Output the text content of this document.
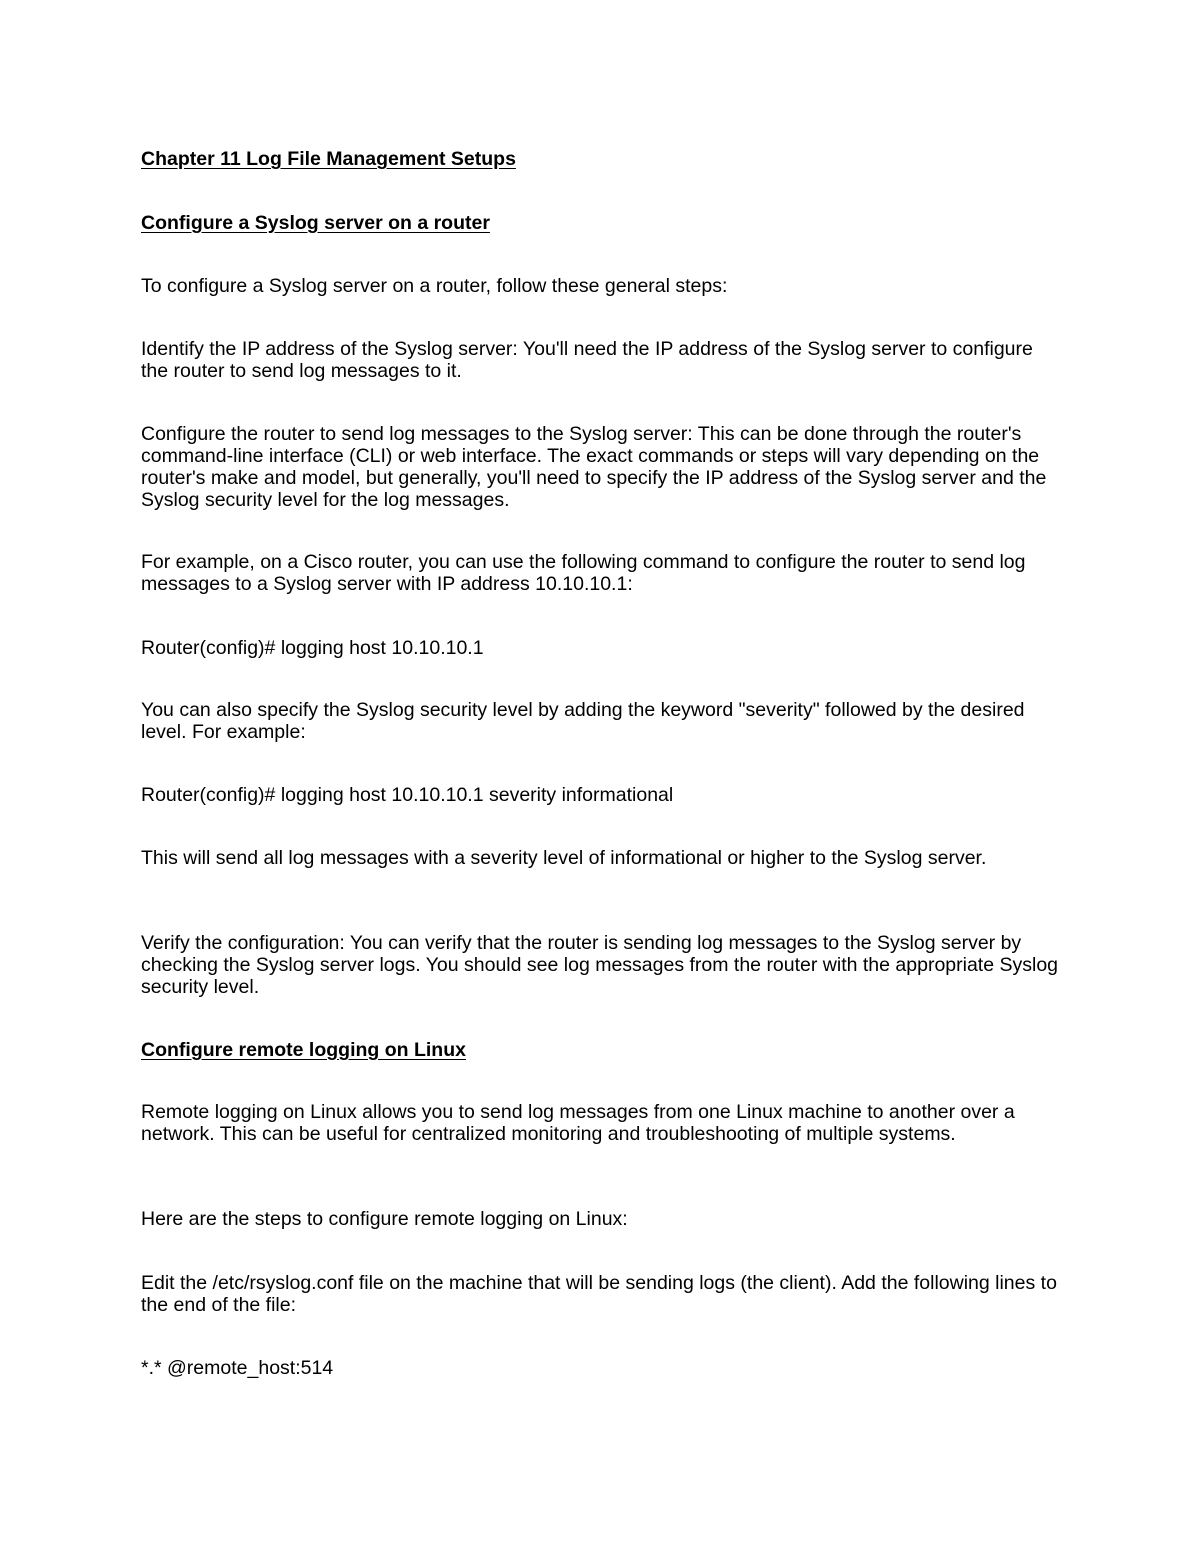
Chapter 11 Log File Management Setups

Configure a Syslog server on a router

To configure a Syslog server on a router, follow these general steps:

Identify the IP address of the Syslog server: You'll need the IP address of the Syslog server to configure the router to send log messages to it.

Configure the router to send log messages to the Syslog server: This can be done through the router's command-line interface (CLI) or web interface. The exact commands or steps will vary depending on the router's make and model, but generally, you'll need to specify the IP address of the Syslog server and the Syslog security level for the log messages.

For example, on a Cisco router, you can use the following command to configure the router to send log messages to a Syslog server with IP address 10.10.10.1:

Router(config)# logging host 10.10.10.1

You can also specify the Syslog security level by adding the keyword "severity" followed by the desired level. For example:

Router(config)# logging host 10.10.10.1 severity informational

This will send all log messages with a severity level of informational or higher to the Syslog server.

Verify the configuration: You can verify that the router is sending log messages to the Syslog server by checking the Syslog server logs. You should see log messages from the router with the appropriate Syslog security level.

Configure remote logging on Linux

Remote logging on Linux allows you to send log messages from one Linux machine to another over a network. This can be useful for centralized monitoring and troubleshooting of multiple systems.

Here are the steps to configure remote logging on Linux:

Edit the /etc/rsyslog.conf file on the machine that will be sending logs (the client). Add the following lines to the end of the file:

*.* @remote_host:514
